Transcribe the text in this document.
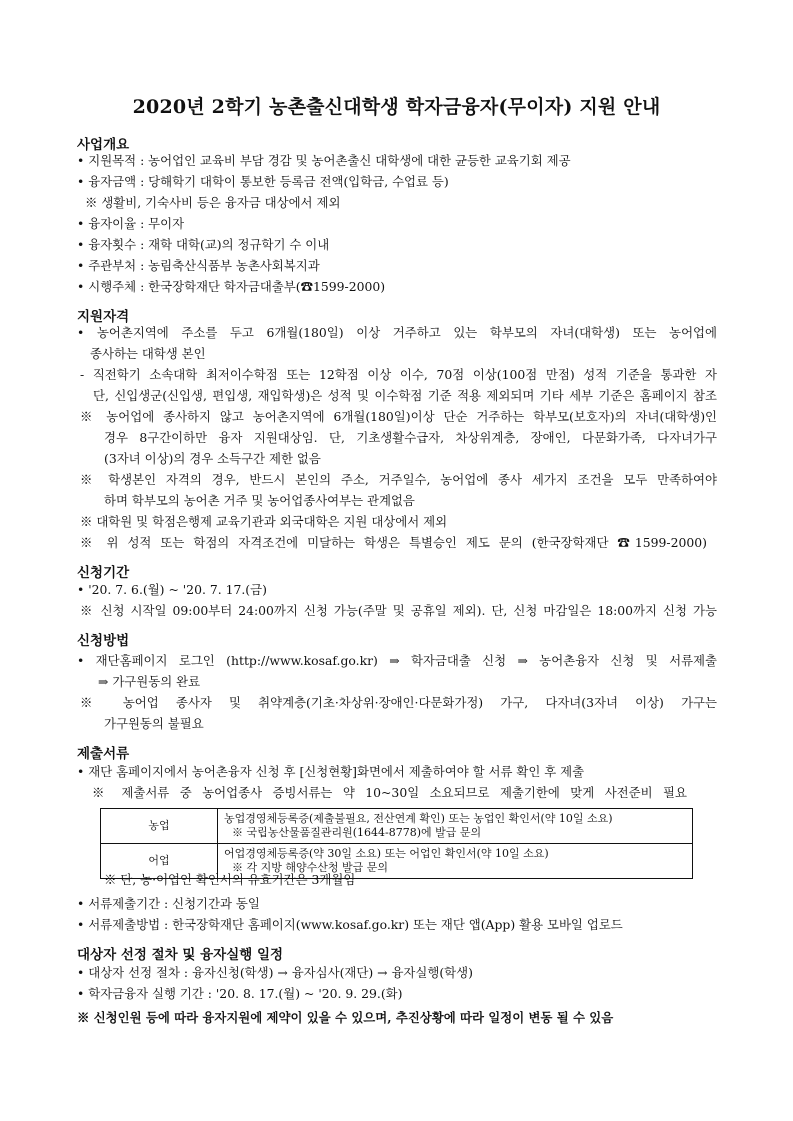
2020년 2학기 농촌출신대학생 학자금융자(무이자) 지원 안내
사업개요
• 지원목적 : 농어업인 교육비 부담 경감 및 농어촌출신 대학생에 대한 균등한 교육기회 제공
• 융자금액 : 당해학기 대학이 통보한 등록금 전액(입학금, 수업료 등)
※ 생활비, 기숙사비 등은 융자금 대상에서 제외
• 융자이율 : 무이자
• 융자횟수 : 재학 대학(교)의 정규학기 수 이내
• 주관부처 : 농림축산식품부 농촌사회복지과
• 시행주체 : 한국장학재단 학자금대출부(☎1599-2000)
지원자격
• 농어촌지역에 주소를 두고 6개월(180일) 이상 거주하고 있는 학부모의 자녀(대학생) 또는 농어업에
종사하는 대학생 본인
- 직전학기 소속대학 최저이수학점 또는 12학점 이상 이수, 70점 이상(100점 만점) 성적 기준을 통과한 자
단, 신입생군(신입생, 편입생, 재입학생)은 성적 및 이수학점 기준 적용 제외되며 기타 세부 기준은 홈페이지 참조
※ 농어업에 종사하지 않고 농어촌지역에 6개월(180일)이상 단순 거주하는 학부모(보호자)의 자녀(대학생)인
경우 8구간이하만 융자 지원대상임. 단, 기초생활수급자, 차상위계층, 장애인, 다문화가족, 다자녀가구
(3자녀 이상)의 경우 소득구간 제한 없음
※ 학생본인 자격의 경우, 반드시 본인의 주소, 거주일수, 농어업에 종사 세가지 조건을 모두 만족하여야
하며 학부모의 농어촌 거주 및 농어업종사여부는 관계없음
※ 대학원 및 학점은행제 교육기관과 외국대학은 지원 대상에서 제외
※ 위 성적 또는 학점의 자격조건에 미달하는 학생은 특별승인 제도 문의 (한국장학재단 ☎1599-2000)
신청기간
• '20. 7. 6.(월) ~ '20. 7. 17.(금)
※ 신청 시작일 09:00부터 24:00까지 신청 가능(주말 및 공휴일 제외). 단, 신청 마감일은 18:00까지 신청 가능
신청방법
• 재단홈페이지 로그인 (http://www.kosaf.go.kr) ⇒ 학자금대출 신청 ⇒ 농어촌융자 신청 및 서류제출
⇒ 가구원동의 완료
※ 농어업 종사자 및 취약계층(기초·차상위·장애인·다문화가정) 가구, 다자녀(3자녀 이상) 가구는
가구원동의 불필요
제출서류
• 재단 홈페이지에서 농어촌융자 신청 후 [신청현황]화면에서 제출하여야 할 서류 확인 후 제출
※ 제출서류 중 농어업종사 증빙서류는 약 10~30일 소요되므로 제출기한에 맞게 사전준비 필요
농업	농업경영체등록증(제출불필요, 전산연계 확인) 또는 농업인 확인서(약 10일 소요)
※ 국립농산물품질관리원(1644-8778)에 발급 문의

어업	어업경영체등록증(약 30일 소요) 또는 어업인 확인서(약 10일 소요)
※ 각 지방 해양수산청 발급 문의
※ 단, 농·어업인 확인서의 유효기간은 3개월임
• 서류제출기간 : 신청기간과 동일
• 서류제출방법 : 한국장학재단 홈페이지(www.kosaf.go.kr) 또는 재단 앱(App) 활용 모바일 업로드
대상자 선정 절차 및 융자실행 일정
• 대상자 선정 절차 : 융자신청(학생) → 융자심사(재단) → 융자실행(학생)
• 학자금융자 실행 기간 : '20. 8. 17.(월) ~ '20. 9. 29.(화)
※ 신청인원 등에 따라 융자지원에 제약이 있을 수 있으며, 추진상황에 따라 일정이 변동 될 수 있음
